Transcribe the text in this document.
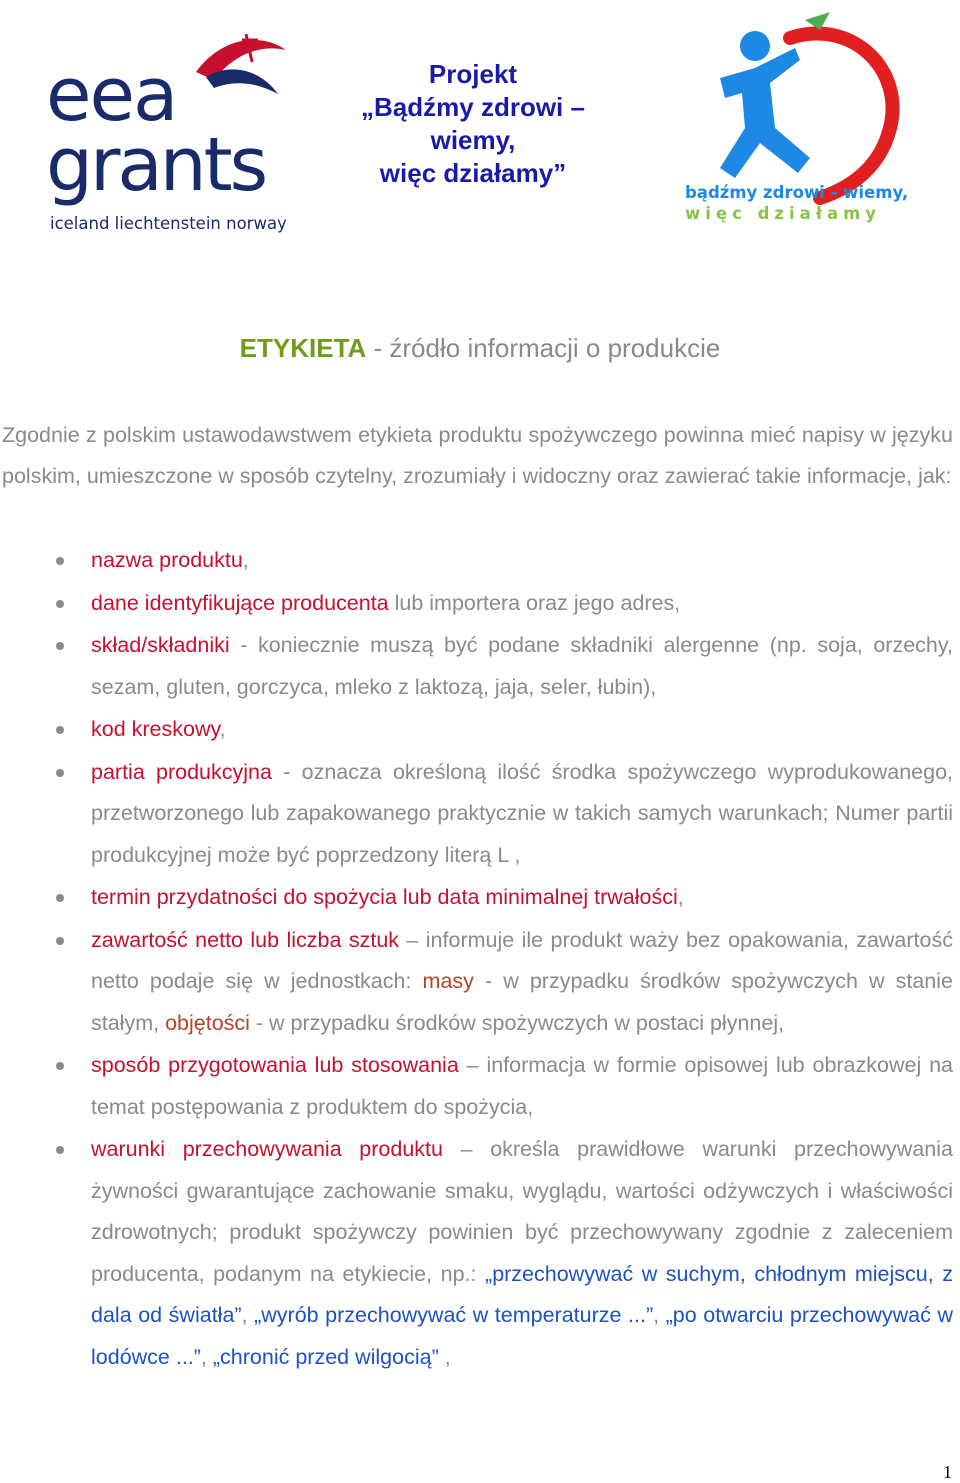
eea
grants
iceland liechtenstein norway
Projekt
„Bądźmy zdrowi –
wiemy,
więc działamy”
bądźmy zdrowi - wiemy,
więc działamy
ETYKIETA - źródło informacji o produkcie
Zgodnie z polskim ustawodawstwem etykieta produktu spożywczego powinna mieć napisy w języku polskim, umieszczone w sposób czytelny, zrozumiały i widoczny oraz zawierać takie informacje, jak:
nazwa produktu,
dane identyfikujące producenta lub importera oraz jego adres,
skład/składniki - koniecznie muszą być podane składniki alergenne (np. soja, orzechy, sezam, gluten, gorczyca, mleko z laktozą, jaja, seler, łubin),
kod kreskowy,
partia produkcyjna - oznacza określoną ilość środka spożywczego wyprodukowanego, przetworzonego lub zapakowanego praktycznie w takich samych warunkach; Numer partii produkcyjnej może być poprzedzony literą L ,
termin przydatności do spożycia lub data minimalnej trwałości,
zawartość netto lub liczba sztuk – informuje ile produkt waży bez opakowania, zawartość netto podaje się w jednostkach: masy - w przypadku środków spożywczych w stanie stałym, objętości - w przypadku środków spożywczych w postaci płynnej,
sposób przygotowania lub stosowania – informacja w formie opisowej lub obrazkowej na temat postępowania z produktem do spożycia,
warunki przechowywania produktu – określa prawidłowe warunki przechowywania żywności gwarantujące zachowanie smaku, wyglądu, wartości odżywczych i właściwości zdrowotnych; produkt spożywczy powinien być przechowywany zgodnie z zaleceniem producenta, podanym na etykiecie, np.: „przechowywać w suchym, chłodnym miejscu, z dala od światła”, „wyrób przechowywać w temperaturze ...”, „po otwarciu przechowywać w lodówce ...”, „chronić przed wilgocią” ,
1
